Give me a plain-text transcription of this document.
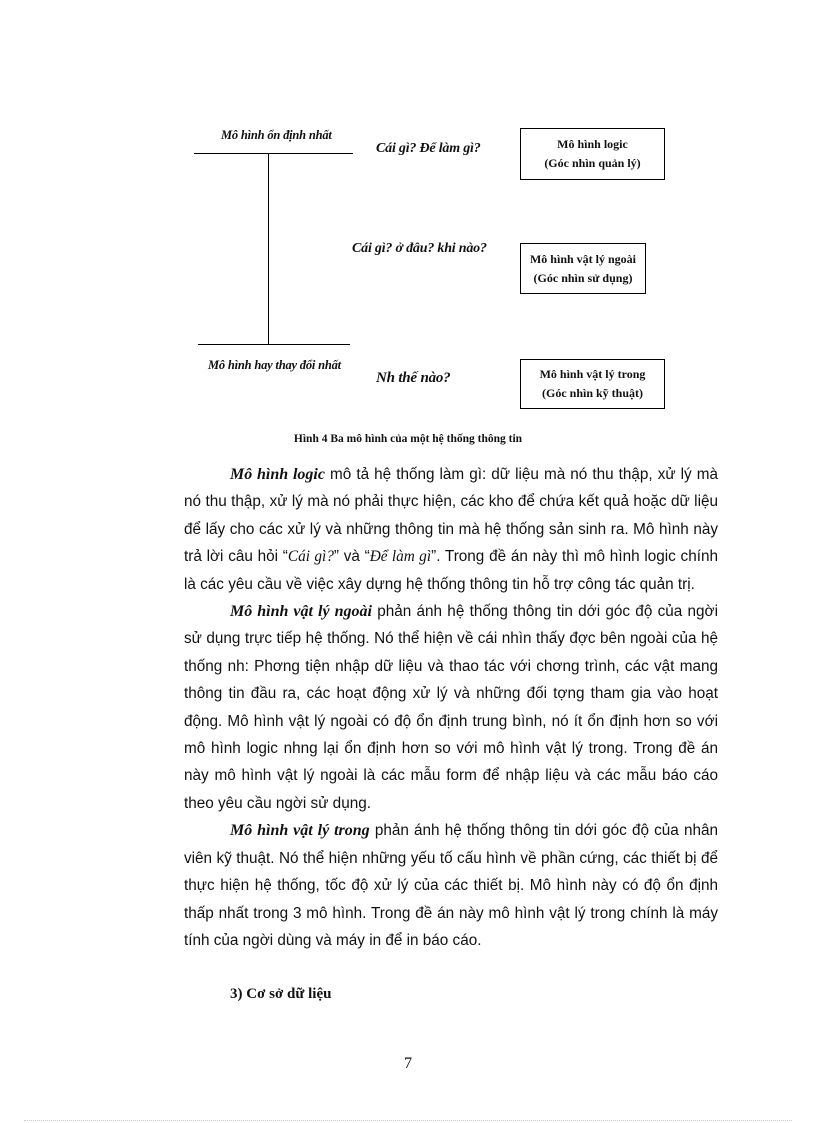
Mô hình ổn định nhất
Mô hình hay thay đổi nhất
Cái gì? Để làm gì?
Cái gì? ở đâu? khi nào?
Nh thế nào?
Mô hình logic
(Góc nhìn quản lý)
Mô hình vật lý ngoài
(Góc nhìn sử dụng)
Mô hình vật lý trong
(Góc nhìn kỹ thuật)
Hình 4 Ba mô hình của một hệ thống thông tin

Mô hình logic mô tả hệ thống làm gì: dữ liệu mà nó thu thập, xử lý mà nó thu thập, xử lý mà nó phải thực hiện, các kho để chứa kết quả hoặc dữ liệu để lấy cho các xử lý và những thông tin mà hệ thống sản sinh ra. Mô hình này trả lời câu hỏi “Cái gì?” và “Để làm gì”. Trong đề án này thì mô hình logic chính là các yêu cầu về việc xây dựng hệ thống thông tin hỗ trợ công tác quản trị.

Mô hình vật lý ngoài phản ánh hệ thống thông tin dới góc độ của ngời sử dụng trực tiếp hệ thống. Nó thể hiện về cái nhìn thấy đợc bên ngoài của hệ thống nh: Phơng tiện nhập dữ liệu và thao tác với chơng trình, các vật mang thông tin đầu ra, các hoạt động xử lý và những đối tợng tham gia vào hoạt động. Mô hình vật lý ngoài có độ ổn định trung bình, nó ít ổn định hơn so với mô hình logic nhng lại ổn định hơn so với mô hình vật lý trong. Trong đề án này mô hình vật lý ngoài là các mẫu form để nhập liệu và các mẫu báo cáo theo yêu cầu ngời sử dụng.

Mô hình vật lý trong phản ánh hệ thống thông tin dới góc độ của nhân viên kỹ thuật. Nó thể hiện những yếu tố cấu hình về phần cứng, các thiết bị để thực hiện hệ thống, tốc độ xử lý của các thiết bị. Mô hình này có độ ổn định thấp nhất trong 3 mô hình. Trong đề án này mô hình vật lý trong chính là máy tính của ngời dùng và máy in để in báo cáo.

3) Cơ sở dữ liệu
7
